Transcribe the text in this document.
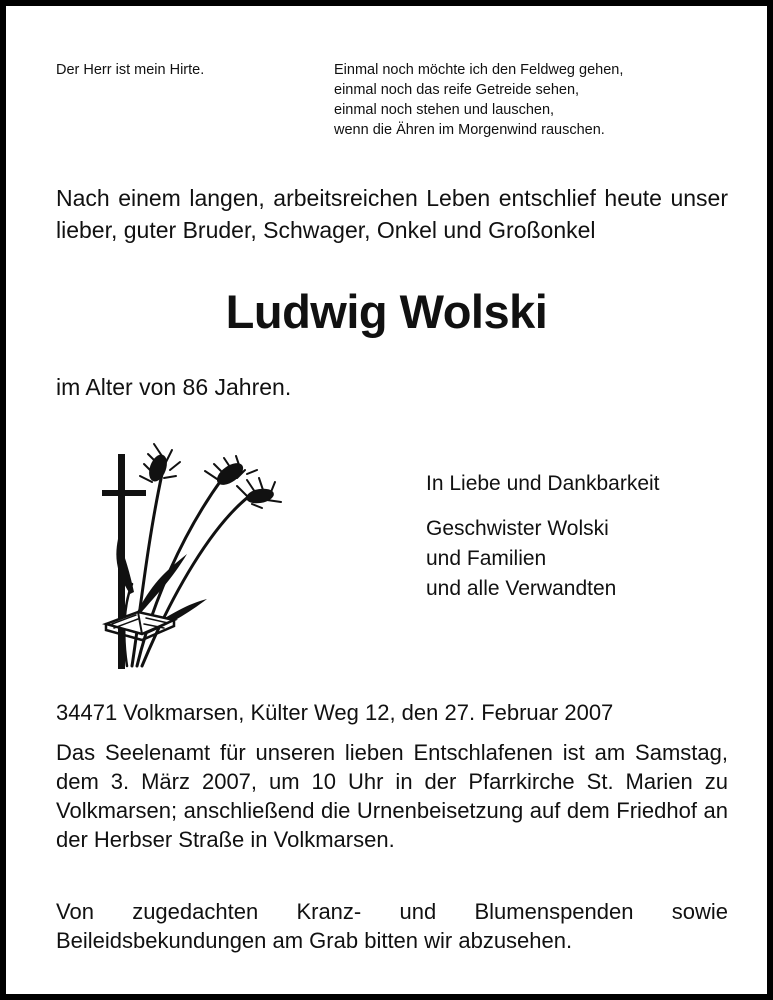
Der Herr ist mein Hirte.	Einmal noch möchte ich den Feldweg gehen,
einmal noch das reife Getreide sehen,
einmal noch stehen und lauschen,
wenn die Ähren im Morgenwind rauschen.

Nach einem langen, arbeitsreichen Leben entschlief heute unser lieber, guter Bruder, Schwager, Onkel und Großonkel

Ludwig Wolski

im Alter von 86 Jahren.

In Liebe und Dankbarkeit

Geschwister Wolski
und Familien
und alle Verwandten

34471 Volkmarsen, Külter Weg 12, den 27. Februar 2007

Das Seelenamt für unseren lieben Entschlafenen ist am Samstag, dem 3. März 2007, um 10 Uhr in der Pfarrkirche St. Marien zu Volkmarsen; anschließend die Urnenbeisetzung auf dem Friedhof an der Herbser Straße in Volkmarsen.

Von zugedachten Kranz- und Blumenspenden sowie Beileidsbekundungen am Grab bitten wir abzusehen.
